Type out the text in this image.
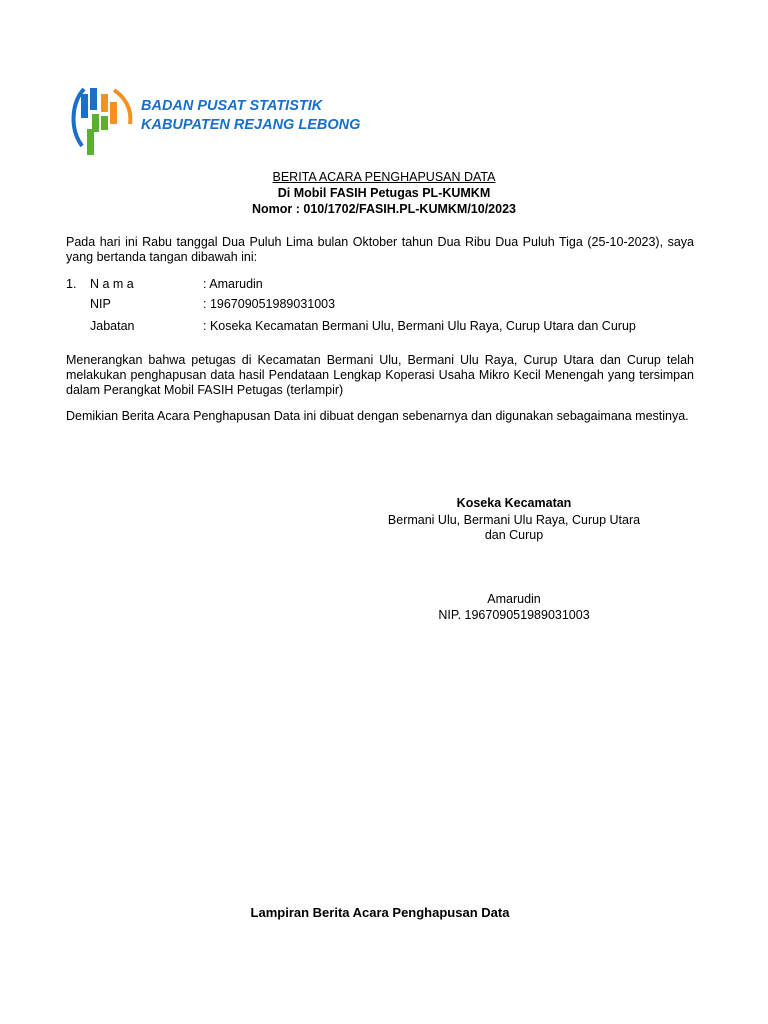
BADAN PUSAT STATISTIK
KABUPATEN REJANG LEBONG
BERITA ACARA PENGHAPUSAN DATA
Di Mobil FASIH Petugas PL-KUMKM
Nomor : 010/1702/FASIH.PL-KUMKM/10/2023
Pada hari ini Rabu tanggal Dua Puluh Lima bulan Oktober tahun Dua Ribu Dua Puluh Tiga (25-10-2023), saya yang bertanda tangan dibawah ini:
1. N a m a	: Amarudin
NIP	: 196709051989031003
Jabatan	: Koseka Kecamatan Bermani Ulu, Bermani Ulu Raya, Curup Utara dan Curup
Menerangkan bahwa petugas di Kecamatan Bermani Ulu, Bermani Ulu Raya, Curup Utara dan Curup telah melakukan penghapusan data hasil Pendataan Lengkap Koperasi Usaha Mikro Kecil Menengah yang tersimpan dalam Perangkat Mobil FASIH Petugas (terlampir)
Demikian Berita Acara Penghapusan Data ini dibuat dengan sebenarnya dan digunakan sebagaimana mestinya.
Koseka Kecamatan
Bermani Ulu, Bermani Ulu Raya, Curup Utara
dan Curup
Amarudin
NIP. 196709051989031003
Lampiran Berita Acara Penghapusan Data
